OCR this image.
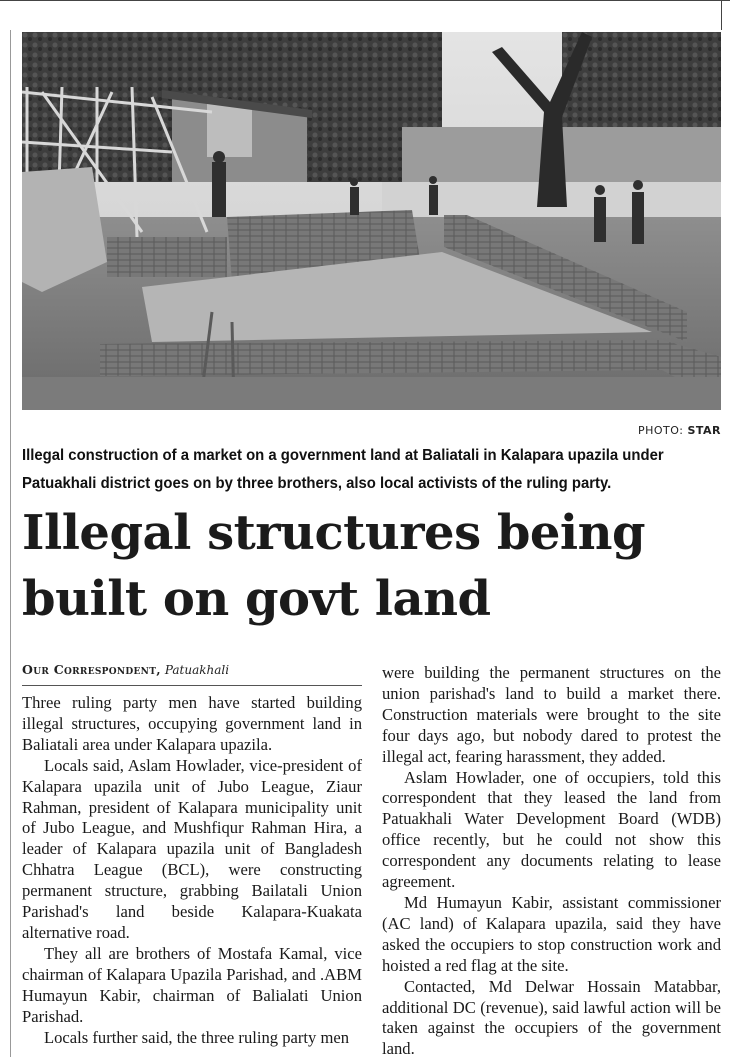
PHOTO: STAR
Illegal construction of a market on a government land at Baliatali in Kalapara upazila under Patuakhali district goes on by three brothers, also local activists of the ruling party.
Illegal structures being built on govt land
Our Correspondent, Patuakhali

Three ruling party men have started building illegal structures, occupying government land in Baliatali area under Kalapara upazila.

Locals said, Aslam Howlader, vice-president of Kalapara upazila unit of Jubo League, Ziaur Rahman, president of Kalapara municipality unit of Jubo League, and Mushfiqur Rahman Hira, a leader of Kalapara upazila unit of Bangladesh Chhatra League (BCL), were constructing permanent structure, grabbing Bailatali Union Parishad's land beside Kalapara-Kuakata alternative road.

They all are brothers of Mostafa Kamal, vice chairman of Kalapara Upazila Parishad, and .ABM Humayun Kabir, chairman of Balialati Union Parishad.

Locals further said, the three ruling party men

were building the permanent structures on the union parishad's land to build a market there. Construction materials were brought to the site four days ago, but nobody dared to protest the illegal act, fearing harassment, they added.

Aslam Howlader, one of occupiers, told this correspondent that they leased the land from Patuakhali Water Development Board (WDB) office recently, but he could not show this correspondent any documents relating to lease agreement.

Md Humayun Kabir, assistant commissioner (AC land) of Kalapara upazila, said they have asked the occupiers to stop construction work and hoisted a red flag at the site.

Contacted, Md Delwar Hossain Matabbar, additional DC (revenue), said lawful action will be taken against the occupiers of the government land.
